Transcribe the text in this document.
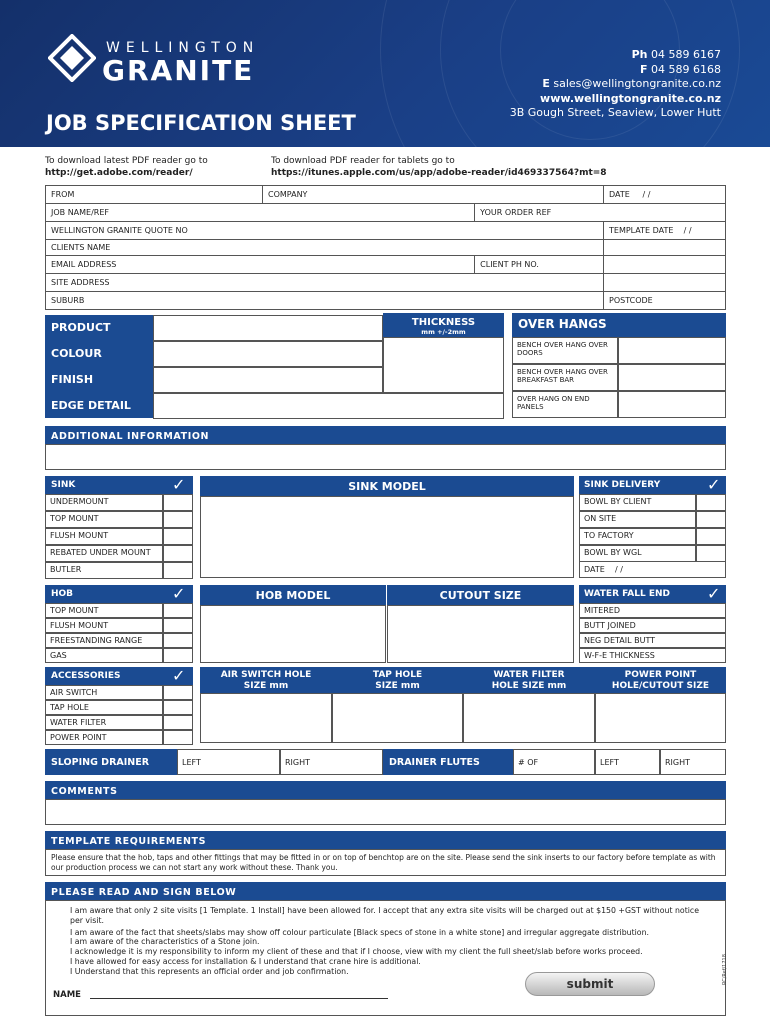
WELLINGTON
GRANITE
JOB SPECIFICATION SHEET
Ph 04 589 6167
F 04 589 6168
E sales@wellingtongranite.co.nz
www.wellingtongranite.co.nz
3B Gough Street, Seaview, Lower Hutt
To download latest PDF reader go to
http://get.adobe.com/reader/
To download PDF reader for tablets go to
https://itunes.apple.com/us/app/adobe-reader/id469337564?mt=8
FROM	COMPANY		DATE / /
JOB NAME/REF		YOUR ORDER REF	
WELLINGTON GRANITE QUOTE NO			TEMPLATE DATE / /
CLIENTS NAME			
EMAIL ADDRESS		CLIENT PH NO.	
SITE ADDRESS			
SUBURB			POSTCODE
PRODUCT
COLOUR
FINISH
EDGE DETAIL
THICKNESS
mm +/-2mm
OVER HANGS
BENCH OVER HANG OVER DOORS
BENCH OVER HANG OVER BREAKFAST BAR
OVER HANG ON END PANELS
ADDITIONAL INFORMATION
SINK	✓
UNDERMOUNT
TOP MOUNT
FLUSH MOUNT
REBATED UNDER MOUNT
BUTLER
SINK MODEL	SINK DELIVERY	✓
BOWL BY CLIENT
ON SITE
TO FACTORY
BOWL BY WGL
DATE / /
HOB	✓
TOP MOUNT
FLUSH MOUNT
FREESTANDING RANGE
GAS
HOB MODEL	CUTOUT SIZE	WATER FALL END	✓
MITERED
BUTT JOINED
NEG DETAIL BUTT
W-F-E THICKNESS
ACCESSORIES	✓
AIR SWITCH
TAP HOLE
WATER FILTER
POWER POINT
AIR SWITCH HOLE
SIZE mm
TAP HOLE
SIZE mm
WATER FILTER
HOLE SIZE mm
POWER POINT
HOLE/CUTOUT SIZE
SLOPING DRAINER	LEFT	RIGHT	DRAINER FLUTES	# OF	LEFT	RIGHT
COMMENTS
TEMPLATE REQUIREMENTS
Please ensure that the hob, taps and other fittings that may be fitted in or on top of benchtop are on the site. Please send the sink inserts to our factory before template as with our production process we can not start any work without these. Thank you.
PLEASE READ AND SIGN BELOW
I am aware that only 2 site visits [1 Template. 1 Install] have been allowed for. I accept that any extra site visits will be charged out at $150 +GST without notice per visit.
I am aware of the fact that sheets/slabs may show off colour particulate [Black specs of stone in a white stone] and irregular aggregate distribution.
I am aware of the characteristics of a Stone join.
I acknowledge it is my responsibility to inform my client of these and that if I choose, view with my client the full sheet/slab before works proceed.
I have allowed for easy access for installation & I understand that crane hire is additional.
I Understand that this represents an official order and job confirmation.
NAME
submit	RC/Ref/1718
